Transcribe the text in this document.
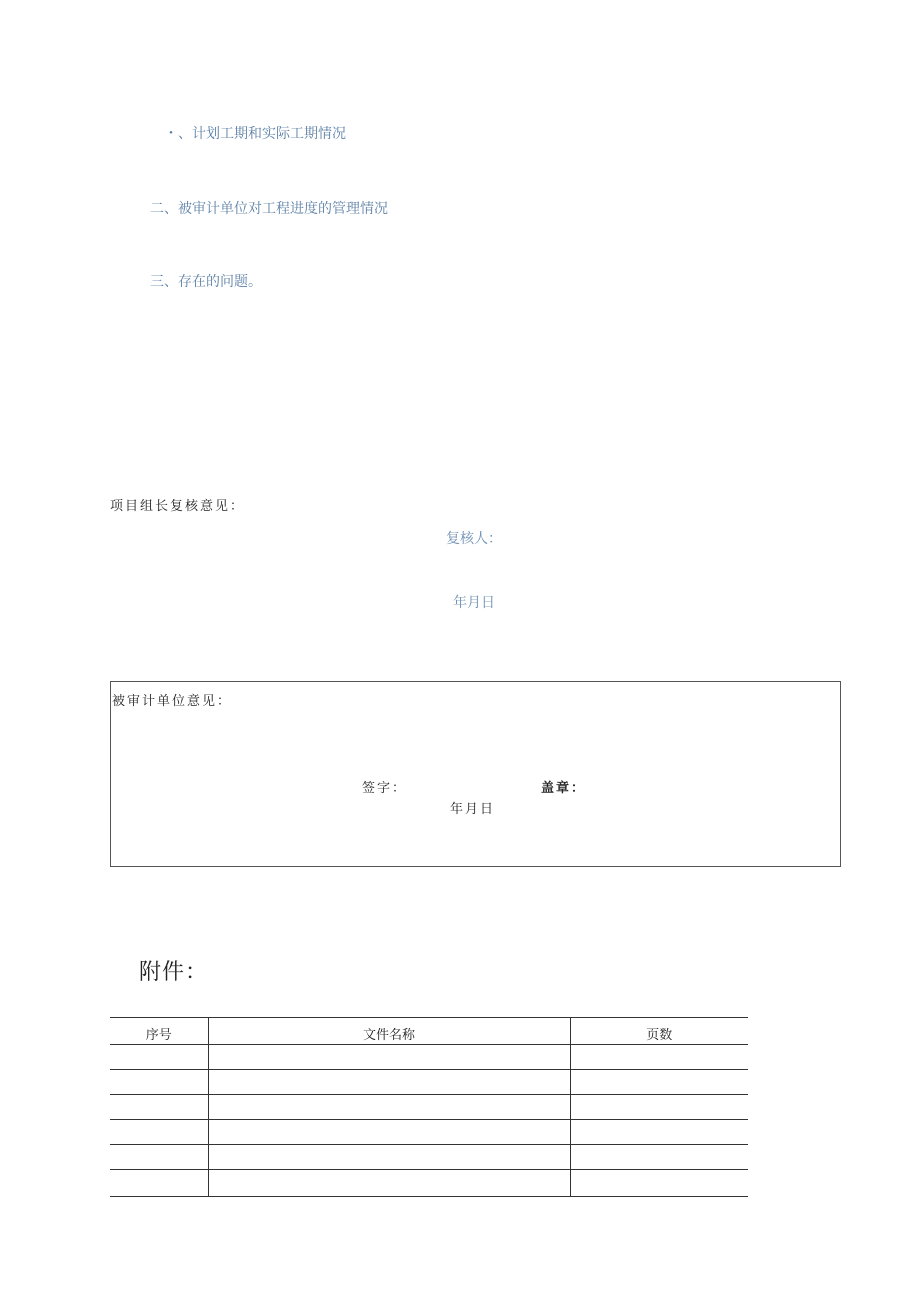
・、计划工期和实际工期情况
二、被审计单位对工程进度的管理情况
三、存在的问题。
项目组长复核意见：
复核人：
年月日
被审计单位意见：
签字：	盖章：
年月日
附件：
序号	文件名称	页数
